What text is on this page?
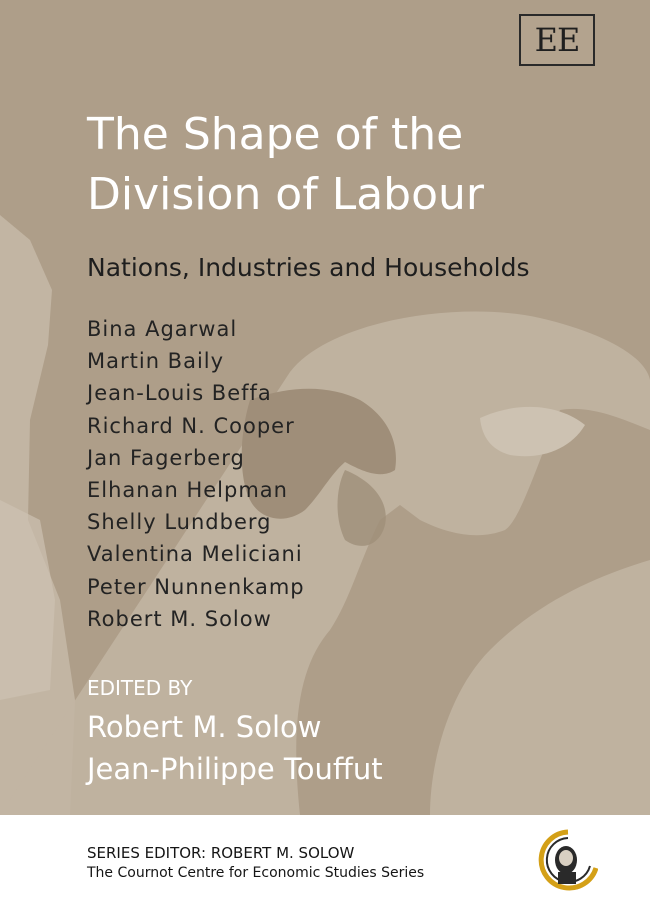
EE
The Shape of the
Division of Labour
Nations, Industries and Households
Bina Agarwal
Martin Baily
Jean-Louis Beffa
Richard N. Cooper
Jan Fagerberg
Elhanan Helpman
Shelly Lundberg
Valentina Meliciani
Peter Nunnenkamp
Robert M. Solow
EDITED BY
Robert M. Solow
Jean-Philippe Touffut
SERIES EDITOR: ROBERT M. SOLOW
The Cournot Centre for Economic Studies Series
